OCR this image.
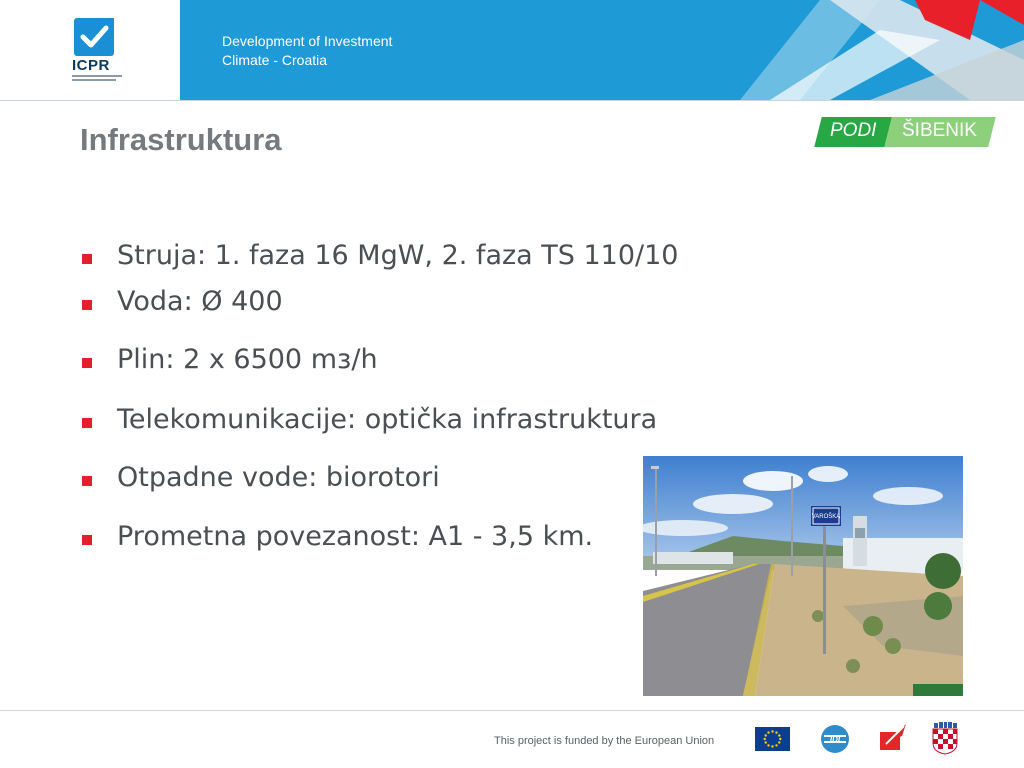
ICPR
Development of Investment
Climate - Croatia
Infrastruktura	PODI ŠIBENIK
Struja: 1. faza 16 MgW, 2. faza TS 110/10
Voda: Ø 400
Plin: 2 x 6500 mз/h
Telekomunikacije: optička infrastruktura
Otpadne vode: biorotori
Prometna povezanost: A1 - 3,5 km.
VAROŠKA
This project is funded by the European Union	IDI
